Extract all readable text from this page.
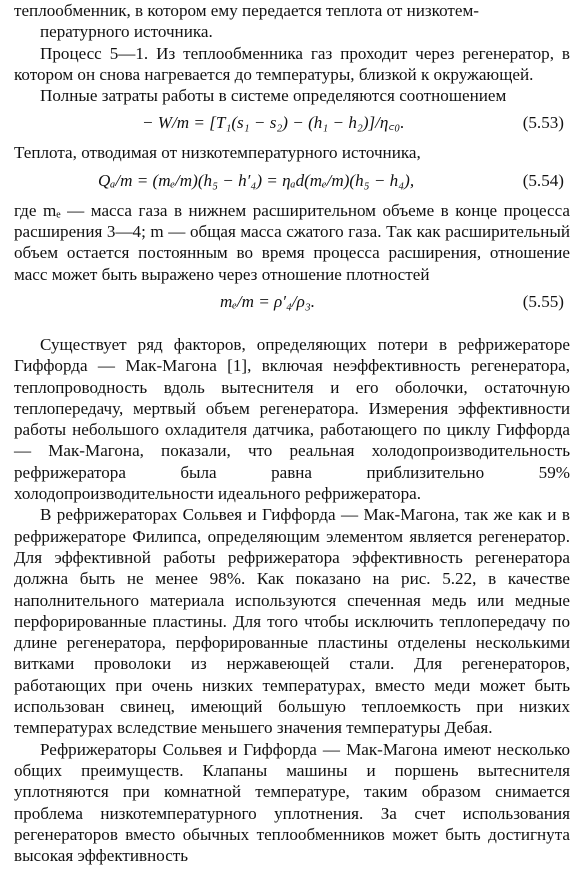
теплообменник, в котором ему передается теплота от низкотем-

пературного источника.

Процесс 5—1. Из теплообменника газ проходит через регенератор, в котором он снова нагревается до температуры, близкой к окружающей.

Полные затраты работы в системе определяются соотношением

− W/m = [T₁(s₁ − s₂) − (h₁ − h₂)]/η꜀₀.	(5.53)

Теплота, отводимая от низкотемпературного источника,

Qₐ/m = (mₑ/m)(h₅ − h′₄) = ηₐd(mₑ/m)(h₅ − h₄),	(5.54)

где mₑ — масса газа в нижнем расширительном объеме в конце процесса расширения 3—4; m — общая масса сжатого газа. Так как расширительный объем остается постоянным во время процесса расширения, отношение масс может быть выражено через отношение плотностей

mₑ/m = ρ′₄/ρ₃.	(5.55)

Существует ряд факторов, определяющих потери в рефрижераторе Гиффорда — Мак-Магона [1], включая неэффективность регенератора, теплопроводность вдоль вытеснителя и его оболочки, остаточную теплопередачу, мертвый объем регенератора. Измерения эффективности работы небольшого охладителя датчика, работающего по циклу Гиффорда — Мак-Магона, показали, что реальная холодопроизводительность рефрижератора была равна приблизительно 59% холодопроизводительности идеального рефрижератора.

В рефрижераторах Сольвея и Гиффорда — Мак-Магона, так же как и в рефрижераторе Филипса, определяющим элементом является регенератор. Для эффективной работы рефрижератора эффективность регенератора должна быть не менее 98%. Как показано на рис. 5.22, в качестве наполнительного материала используются спеченная медь или медные перфорированные пластины. Для того чтобы исключить теплопередачу по длине регенератора, перфорированные пластины отделены несколькими витками проволоки из нержавеющей стали. Для регенераторов, работающих при очень низких температурах, вместо меди может быть использован свинец, имеющий большую теплоемкость при низких температурах вследствие меньшего значения температуры Дебая.

Рефрижераторы Сольвея и Гиффорда — Мак-Магона имеют несколько общих преимуществ. Клапаны машины и поршень вытеснителя уплотняются при комнатной температуре, таким образом снимается проблема низкотемпературного уплотнения. За счет использования регенераторов вместо обычных теплообменников может быть достигнута высокая эффективность
